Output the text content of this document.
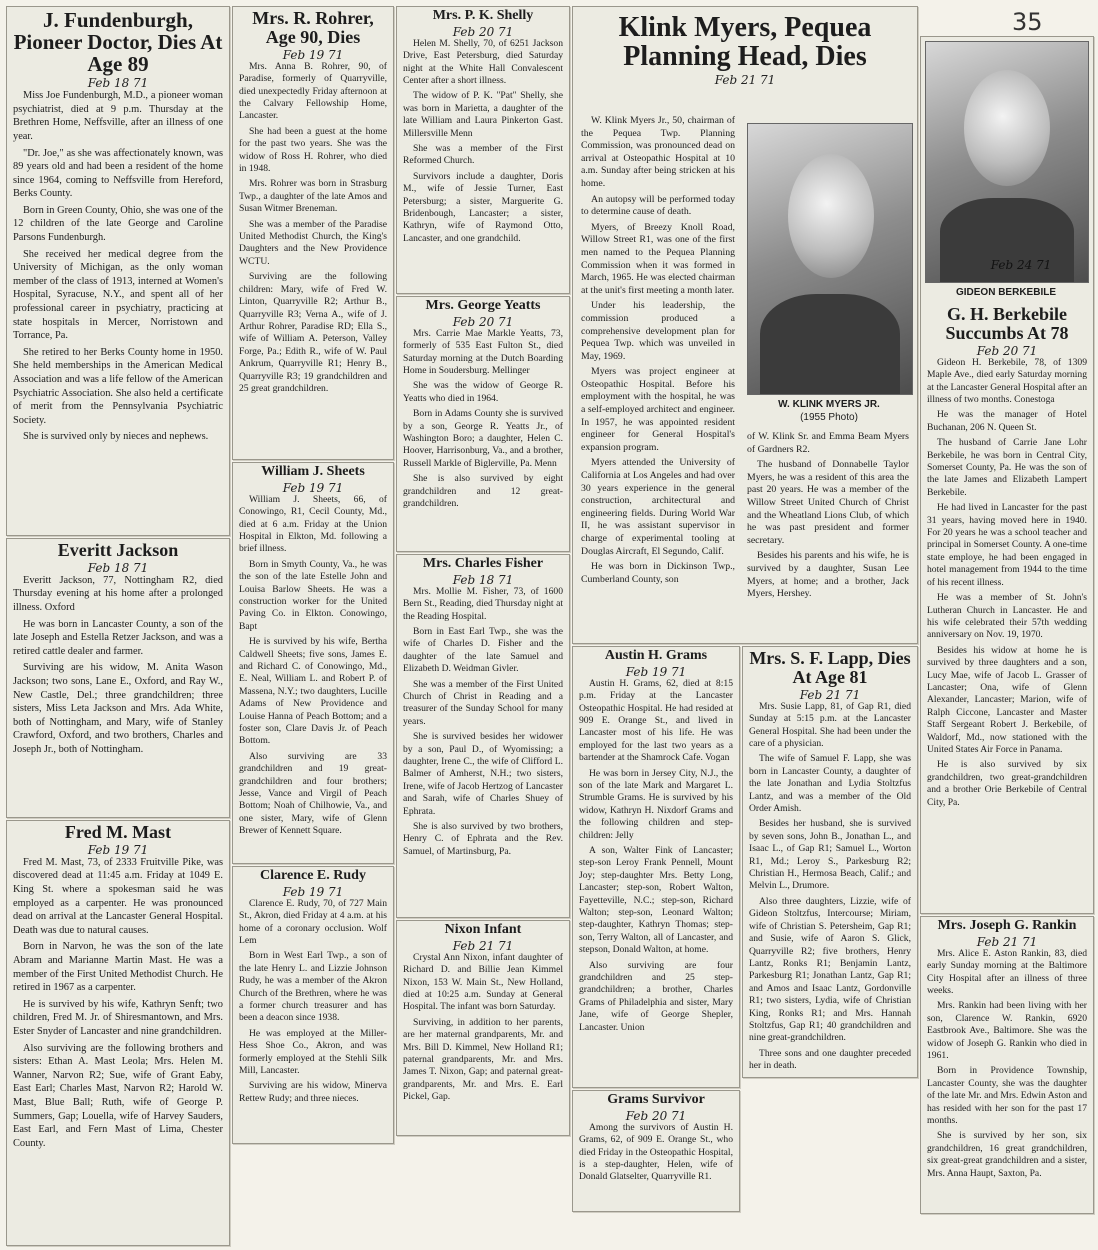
35
J. Fundenburgh, Pioneer Doctor, Dies At Age 89
Feb 18 71

Miss Joe Fundenburgh, M.D., a pioneer woman psychiatrist, died at 9 p.m. Thursday at the Brethren Home, Neffsville, after an illness of one year.

"Dr. Joe," as she was affectionately known, was 89 years old and had been a resident of the home since 1964, coming to Neffsville from Hereford, Berks County.

Born in Green County, Ohio, she was one of the 12 children of the late George and Caroline Parsons Fundenburgh.

She received her medical degree from the University of Michigan, as the only woman member of the class of 1913, interned at Women's Hospital, Syracuse, N.Y., and spent all of her professional career in psychiatry, practicing at state hospitals in Mercer, Norristown and Torrance, Pa.

She retired to her Berks County home in 1950. She held memberships in the American Medical Association and was a life fellow of the American Psychiatric Association. She also held a certificate of merit from the Pennsylvania Psychiatric Society.

She is survived only by nieces and nephews.

Everitt Jackson
Feb 18 71

Everitt Jackson, 77, Nottingham R2, died Thursday evening at his home after a prolonged illness. Oxford

He was born in Lancaster County, a son of the late Joseph and Estella Retzer Jackson, and was a retired cattle dealer and farmer.

Surviving are his widow, M. Anita Wason Jackson; two sons, Lane E., Oxford, and Ray W., New Castle, Del.; three grandchildren; three sisters, Miss Leta Jackson and Mrs. Ada White, both of Nottingham, and Mary, wife of Stanley Crawford, Oxford, and two brothers, Charles and Joseph Jr., both of Nottingham.

Fred M. Mast
Feb 19 71

Fred M. Mast, 73, of 2333 Fruitville Pike, was discovered dead at 11:45 a.m. Friday at 1049 E. King St. where a spokesman said he was employed as a carpenter. He was pronounced dead on arrival at the Lancaster General Hospital. Death was due to natural causes.

Born in Narvon, he was the son of the late Abram and Marianne Martin Mast. He was a member of the First United Methodist Church. He retired in 1967 as a carpenter.

He is survived by his wife, Kathryn Senft; two children, Fred M. Jr. of Shiresmantown, and Mrs. Ester Snyder of Lancaster and nine grandchildren.

Also surviving are the following brothers and sisters: Ethan A. Mast Leola; Mrs. Helen M. Wanner, Narvon R2; Sue, wife of Grant Eaby, East Earl; Charles Mast, Narvon R2; Harold W. Mast, Blue Ball; Ruth, wife of George P. Summers, Gap; Louella, wife of Harvey Sauders, East Earl, and Fern Mast of Lima, Chester County.

Mrs. R. Rohrer, Age 90, Dies
Feb 19 71

Mrs. Anna B. Rohrer, 90, of Paradise, formerly of Quarryville, died unexpectedly Friday afternoon at the Calvary Fellowship Home, Lancaster.

She had been a guest at the home for the past two years. She was the widow of Ross H. Rohrer, who died in 1948.

Mrs. Rohrer was born in Strasburg Twp., a daughter of the late Amos and Susan Witmer Breneman.

She was a member of the Paradise United Methodist Church, the King's Daughters and the New Providence WCTU.

Surviving are the following children: Mary, wife of Fred W. Linton, Quarryville R2; Arthur B., Quarryville R3; Verna A., wife of J. Arthur Rohrer, Paradise RD; Ella S., wife of William A. Peterson, Valley Forge, Pa.; Edith R., wife of W. Paul Ankrum, Quarryville R1; Henry B., Quarryville R3; 19 grandchildren and 25 great grandchildren.

William J. Sheets
Feb 19 71

William J. Sheets, 66, of Conowingo, R1, Cecil County, Md., died at 6 a.m. Friday at the Union Hospital in Elkton, Md. following a brief illness.

Born in Smyth County, Va., he was the son of the late Estelle John and Louisa Barlow Sheets. He was a construction worker for the United Paving Co. in Elkton. Conowingo, Bapt

He is survived by his wife, Bertha Caldwell Sheets; five sons, James E. and Richard C. of Conowingo, Md., E. Neal, William L. and Robert P. of Massena, N.Y.; two daughters, Lucille Adams of New Providence and Louise Hanna of Peach Bottom; and a foster son, Clare Davis Jr. of Peach Bottom.

Also surviving are 33 grandchildren and 19 great-grandchildren and four brothers; Jesse, Vance and Virgil of Peach Bottom; Noah of Chilhowie, Va., and one sister, Mary, wife of Glenn Brewer of Kennett Square.

Clarence E. Rudy
Feb 19 71

Clarence E. Rudy, 70, of 727 Main St., Akron, died Friday at 4 a.m. at his home of a coronary occlusion. Wolf Lem

Born in West Earl Twp., a son of the late Henry L. and Lizzie Johnson Rudy, he was a member of the Akron Church of the Brethren, where he was a former church treasurer and has been a deacon since 1938.

He was employed at the Miller-Hess Shoe Co., Akron, and was formerly employed at the Stehli Silk Mill, Lancaster.

Surviving are his widow, Minerva Rettew Rudy; and three nieces.

Mrs. P. K. Shelly
Feb 20 71

Helen M. Shelly, 70, of 6251 Jackson Drive, East Petersburg, died Saturday night at the White Hall Convalescent Center after a short illness.

The widow of P. K. "Pat" Shelly, she was born in Marietta, a daughter of the late William and Laura Pinkerton Gast. Millersville Menn

She was a member of the First Reformed Church.

Survivors include a daughter, Doris M., wife of Jessie Turner, East Petersburg; a sister, Marguerite G. Bridenbough, Lancaster; a sister, Kathryn, wife of Raymond Otto, Lancaster, and one grandchild.

Mrs. George Yeatts
Feb 20 71

Mrs. Carrie Mae Markle Yeatts, 73, formerly of 535 East Fulton St., died Saturday morning at the Dutch Boarding Home in Soudersburg. Mellinger

She was the widow of George R. Yeatts who died in 1964.

Born in Adams County she is survived by a son, George R. Yeatts Jr., of Washington Boro; a daughter, Helen C. Hoover, Harrisonburg, Va., and a brother, Russell Markle of Biglerville, Pa. Menn

She is also survived by eight grandchildren and 12 great-grandchildren.

Mrs. Charles Fisher
Feb 18 71

Mrs. Mollie M. Fisher, 73, of 1600 Bern St., Reading, died Thursday night at the Reading Hospital.

Born in East Earl Twp., she was the wife of Charles D. Fisher and the daughter of the late Samuel and Elizabeth D. Weidman Givler.

She was a member of the First United Church of Christ in Reading and a treasurer of the Sunday School for many years.

She is survived besides her widower by a son, Paul D., of Wyomissing; a daughter, Irene C., the wife of Clifford L. Balmer of Amherst, N.H.; two sisters, Irene, wife of Jacob Hertzog of Lancaster and Sarah, wife of Charles Shuey of Ephrata.

She is also survived by two brothers, Henry C. of Ephrata and the Rev. Samuel, of Martinsburg, Pa.

Nixon Infant
Feb 21 71

Crystal Ann Nixon, infant daughter of Richard D. and Billie Jean Kimmel Nixon, 153 W. Main St., New Holland, died at 10:25 a.m. Sunday at General Hospital. The infant was born Saturday.

Surviving, in addition to her parents, are her maternal grandparents, Mr. and Mrs. Bill D. Kimmel, New Holland R1; paternal grandparents, Mr. and Mrs. James T. Nixon, Gap; and paternal great-grandparents, Mr. and Mrs. E. Earl Pickel, Gap.

Klink Myers, Pequea Planning Head, Dies
Feb 21 71

W. Klink Myers Jr., 50, chairman of the Pequea Twp. Planning Commission, was pronounced dead on arrival at Osteopathic Hospital at 10 a.m. Sunday after being stricken at his home.

An autopsy will be performed today to determine cause of death.

Myers, of Breezy Knoll Road, Willow Street R1, was one of the first men named to the Pequea Planning Commission when it was formed in March, 1965. He was elected chairman at the unit's first meeting a month later.

Under his leadership, the commission produced a comprehensive development plan for Pequea Twp. which was unveiled in May, 1969.

Myers was project engineer at Osteopathic Hospital. Before his employment with the hospital, he was a self-employed architect and engineer. In 1957, he was appointed resident engineer for General Hospital's expansion program.

Myers attended the University of California at Los Angeles and had over 30 years experience in the general construction, architectural and engineering fields. During World War II, he was assistant supervisor in charge of experimental tooling at Douglas Aircraft, El Segundo, Calif.

He was born in Dickinson Twp., Cumberland County, son

W. KLINK MYERS JR.
(1955 Photo)

of W. Klink Sr. and Emma Beam Myers of Gardners R2.

The husband of Donnabelle Taylor Myers, he was a resident of this area the past 20 years. He was a member of the Willow Street United Church of Christ and the Wheatland Lions Club, of which he was past president and former secretary.

Besides his parents and his wife, he is survived by a daughter, Susan Lee Myers, at home; and a brother, Jack Myers, Hershey.

Austin H. Grams
Feb 19 71

Austin H. Grams, 62, died at 8:15 p.m. Friday at the Lancaster Osteopathic Hospital. He had resided at 909 E. Orange St., and lived in Lancaster most of his life. He was employed for the last two years as a bartender at the Shamrock Cafe. Vogan

He was born in Jersey City, N.J., the son of the late Mark and Margaret L. Strumble Grams. He is survived by his widow, Kathryn H. Nixdorf Grams and the following children and step-children: Jelly

A son, Walter Fink of Lancaster; step-son Leroy Frank Pennell, Mount Joy; step-daughter Mrs. Betty Long, Lancaster; step-son, Robert Walton, Fayetteville, N.C.; step-son, Richard Walton; step-son, Leonard Walton; step-daughter, Kathryn Thomas; step-son, Terry Walton, all of Lancaster, and stepson, Donald Walton, at home.

Also surviving are four grandchildren and 25 step-grandchildren; a brother, Charles Grams of Philadelphia and sister, Mary Jane, wife of George Shepler, Lancaster. Union

Grams Survivor
Feb 20 71

Among the survivors of Austin H. Grams, 62, of 909 E. Orange St., who died Friday in the Osteopathic Hospital, is a step-daughter, Helen, wife of Donald Glatselter, Quarryville R1.

Mrs. S. F. Lapp, Dies At Age 81
Feb 21 71

Mrs. Susie Lapp, 81, of Gap R1, died Sunday at 5:15 p.m. at the Lancaster General Hospital. She had been under the care of a physician.

The wife of Samuel F. Lapp, she was born in Lancaster County, a daughter of the late Jonathan and Lydia Stoltzfus Lantz, and was a member of the Old Order Amish.

Besides her husband, she is survived by seven sons, John B., Jonathan L., and Isaac L., of Gap R1; Samuel L., Worton R1, Md.; Leroy S., Parkesburg R2; Christian H., Hermosa Beach, Calif.; and Melvin L., Drumore.

Also three daughters, Lizzie, wife of Gideon Stoltzfus, Intercourse; Miriam, wife of Christian S. Petersheim, Gap R1; and Susie, wife of Aaron S. Glick, Quarryville R2; five brothers, Henry Lantz, Ronks R1; Benjamin Lantz, Parkesburg R1; Jonathan Lantz, Gap R1; and Amos and Isaac Lantz, Gordonville R1; two sisters, Lydia, wife of Christian King, Ronks R1; and Mrs. Hannah Stoltzfus, Gap R1; 40 grandchildren and nine great-grandchildren.

Three sons and one daughter preceded her in death.

Feb 24 71
GIDEON BERKEBILE
G. H. Berkebile Succumbs At 78
Feb 20 71

Gideon H. Berkebile, 78, of 1309 Maple Ave., died early Saturday morning at the Lancaster General Hospital after an illness of two months. Conestoga

He was the manager of Hotel Buchanan, 206 N. Queen St.

The husband of Carrie Jane Lohr Berkebile, he was born in Central City, Somerset County, Pa. He was the son of the late James and Elizabeth Lampert Berkebile.

He had lived in Lancaster for the past 31 years, having moved here in 1940. For 20 years he was a school teacher and principal in Somerset County. A one-time state employe, he had been engaged in hotel management from 1944 to the time of his recent illness.

He was a member of St. John's Lutheran Church in Lancaster. He and his wife celebrated their 57th wedding anniversary on Nov. 19, 1970.

Besides his widow at home he is survived by three daughters and a son, Lucy Mae, wife of Jacob L. Grasser of Lancaster; Ona, wife of Glenn Alexander, Lancaster; Marion, wife of Ralph Ciccone, Lancaster and Master Staff Sergeant Robert J. Berkebile, of Waldorf, Md., now stationed with the United States Air Force in Panama.

He is also survived by six grandchildren, two great-grandchildren and a brother Orie Berkebile of Central City, Pa.

Mrs. Joseph G. Rankin
Feb 21 71

Mrs. Alice E. Aston Rankin, 83, died early Sunday morning at the Baltimore City Hospital after an illness of three weeks.

Mrs. Rankin had been living with her son, Clarence W. Rankin, 6920 Eastbrook Ave., Baltimore. She was the widow of Joseph G. Rankin who died in 1961.

Born in Providence Township, Lancaster County, she was the daughter of the late Mr. and Mrs. Edwin Aston and has resided with her son for the past 17 months.

She is survived by her son, six grandchildren, 16 great grandchildren, six great-great grandchildren and a sister, Mrs. Anna Haupt, Saxton, Pa.
